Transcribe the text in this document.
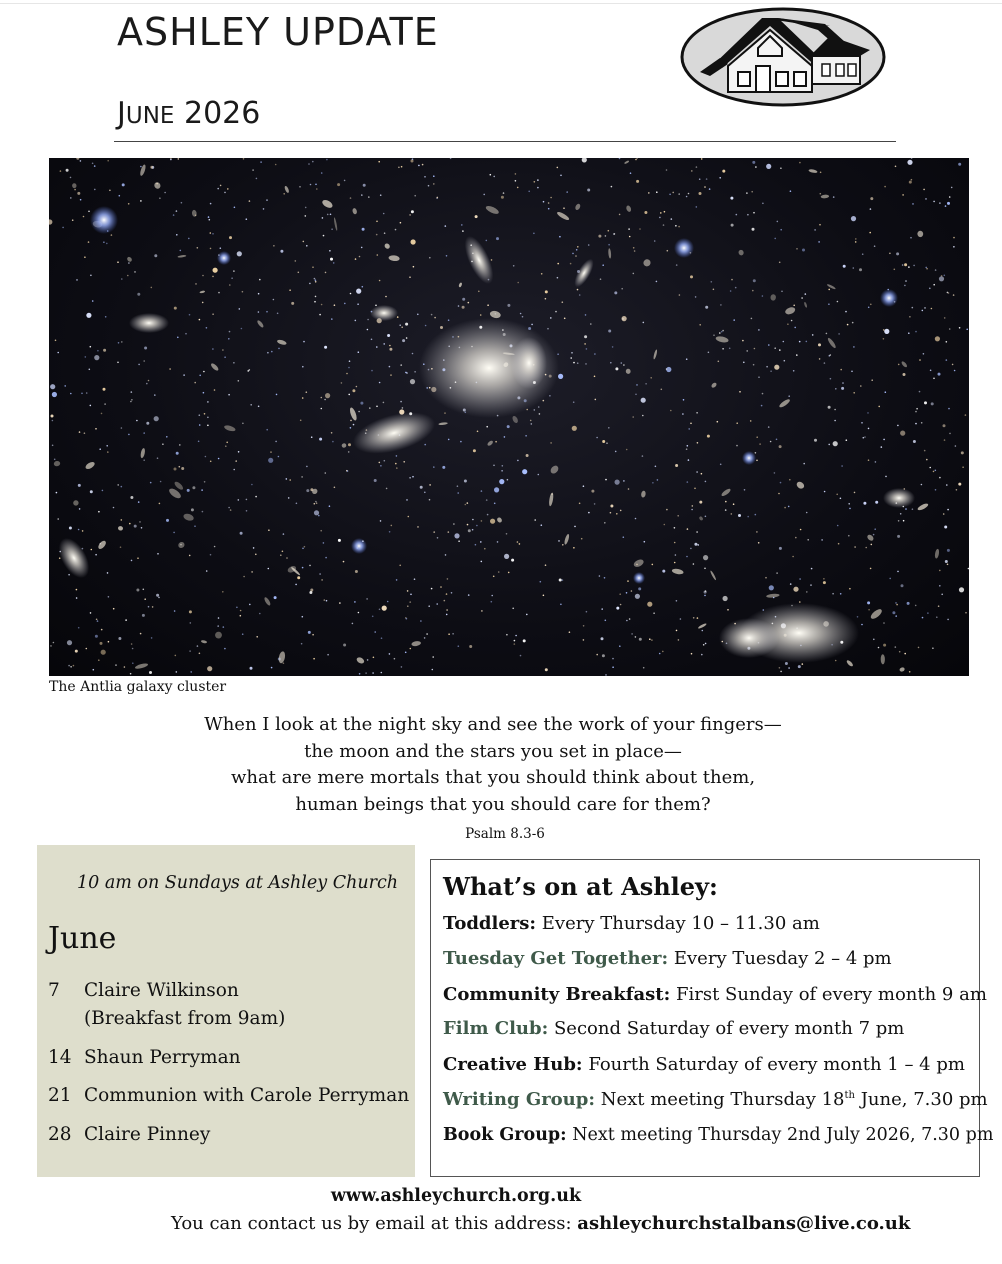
ASHLEY UPDATE
JUNE 2026
The Antlia galaxy cluster
When I look at the night sky and see the work of your fingers—
the moon and the stars you set in place—
what are mere mortals that you should think about them,
human beings that you should care for them?
Psalm 8.3-6
10 am on Sundays at Ashley Church
June
7 Claire Wilkinson
(Breakfast from 9am)
14 Shaun Perryman
21 Communion with Carole Perryman
28 Claire Pinney
What’s on at Ashley:
Toddlers: Every Thursday 10 – 11.30 am
Tuesday Get Together: Every Tuesday 2 – 4 pm
Community Breakfast: First Sunday of every month 9 am
Film Club: Second Saturday of every month 7 pm
Creative Hub: Fourth Saturday of every month 1 – 4 pm
Writing Group: Next meeting Thursday 18th June, 7.30 pm
Book Group: Next meeting Thursday 2nd July 2026, 7.30 pm
www.ashleychurch.org.uk
You can contact us by email at this address: ashleychurchstalbans@live.co.uk
